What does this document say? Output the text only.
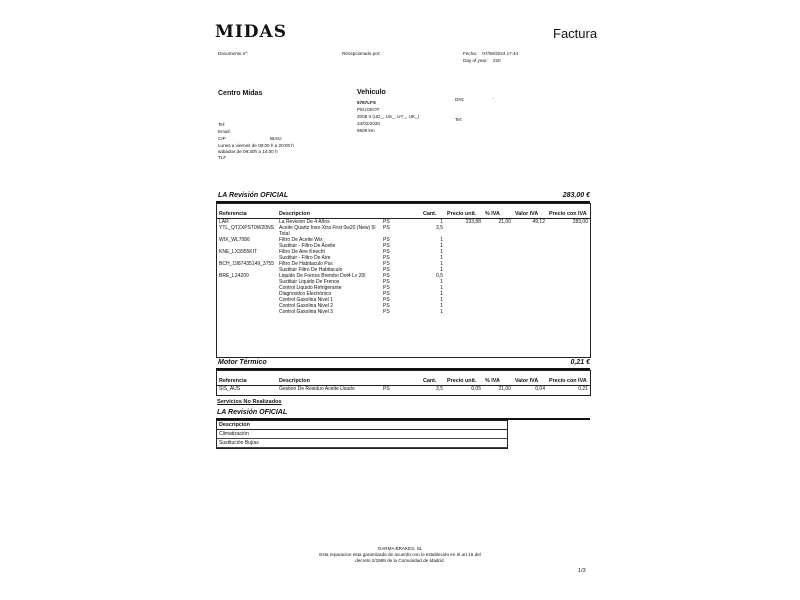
MIDAS	Factura
Documento nº:	Recepcionado por:	Fecha: 07/08/2024 17:44
Day of year: 220
Centro Midas
Tel:
Email:
CIF:	IBAN:
Lunes a viernes de 09:00 h a 20:00 h
sabados de 09:30h a 14:00 h
TLF
Vehiculo
5767LFS
PEUGEOT
2008 II (UD_, US_, UY_, UK_)
24/02/2020
6509 km
DNI:	-
Tel:
LA Revisión OFICIAL	283,00 €
Referencia	Descripcion		Cant.	Precio unit.	% IVA	Valor IVA	Precio con IVA
LAR	La Revision De 4 Años	PS	1	233,88	21,00	49,12	283,00
YTL_QTZXPST0W20NS	Aceite Quartz Ineo Xtra First 0w20 (New) 5l Total	PS	3,5				
WIX_WL7086	Filtro De Aceite Wix	PS	1				
	Sustituir - Filtro De Aceite	PS	1				
KNE_LX3955KIT	Filtro De Aire Knecht	PS	1				
	Sustituir - Filtro De Aire	PS	1				
BCH_1987435149_3755	Filtro De Habitaculo Pss	PS	1				
	Sustituir Filtro De Habitaculo	PS	1				
BRE_L24200	Liquido De Frenos Brembo Dot4 Lv 20l	PS	0,5				
	Sustituir Liquido De Frenos	PS	1				
	Control Liquido Refrigerante	PS	1				
	Diagnostico Electrónico	PS	1				
	Control Gasolina Nivel 1	PS	1				
	Control Gasolina Nivel 2	PS	1				
	Control Gasolina Nivel 3	PS	1				
Motor Térmico	0,21 €
Referencia	Descripcion		Cant.	Precio unit.	% IVA	Valor IVA	Precio con IVA
SIS_AUS	Gestion De Residuo Aceite Usado	PS	3,5	0,05	21,00	0,04	0,21
Servicios No Realizados
LA Revisión OFICIAL
Descripcion
Climatización
Sustitución Bujías
GARMA BRAKES, SL
Esta reparacion esta garantizada de acuerdo con lo establecido en el art.16 del
decreto 2/1995 de la Comunidad de Madrid.
1/3
